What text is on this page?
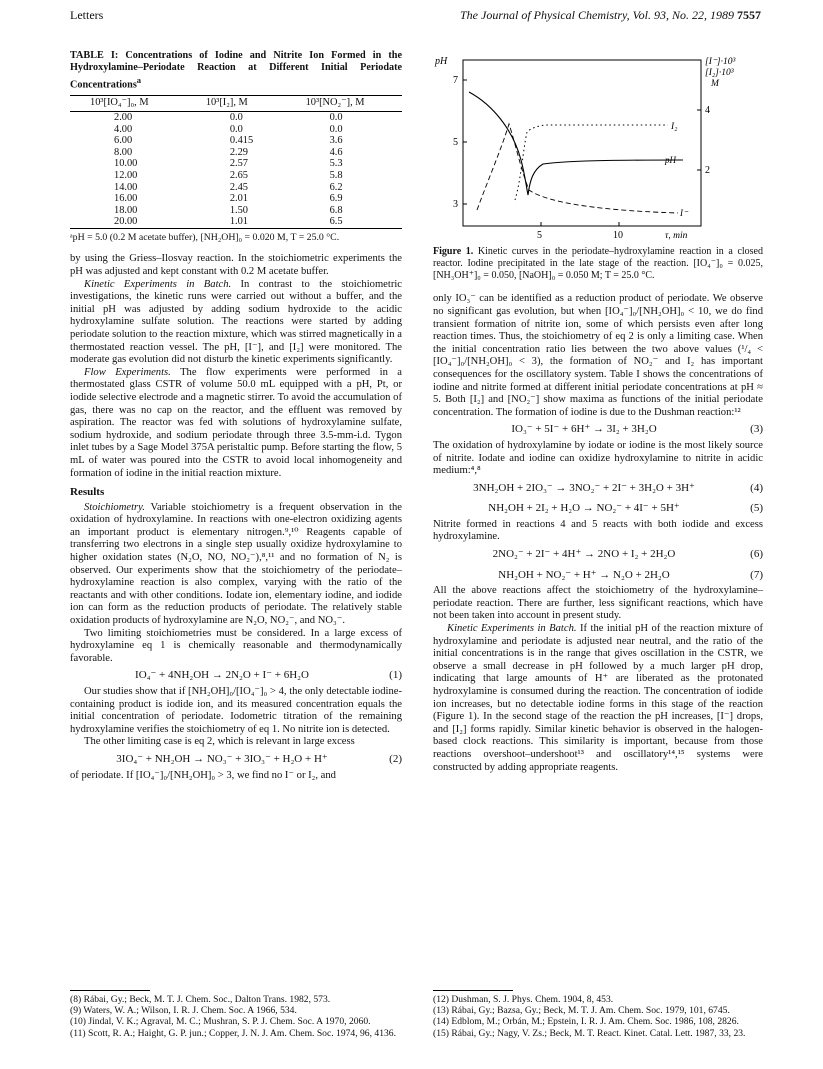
Letters	The Journal of Physical Chemistry, Vol. 93, No. 22, 1989 7557

TABLE I: Concentrations of Iodine and Nitrite Ion Formed in the Hydroxylamine–Periodate Reaction at Different Initial Periodate Concentrations$^a$

10³[IO₄⁻]₀, M	10³[I₂], M	10³[NO₂⁻], M
2.00	0.0	0.0
4.00	0.0	0.0
6.00	0.415	3.6
8.00	2.29	4.6
10.00	2.57	5.3
12.00	2.65	5.8
14.00	2.45	6.2
16.00	2.01	6.9
18.00	1.50	6.8
20.00	1.01	6.5

ᵃpH = 5.0 (0.2 M acetate buffer), [NH₂OH]₀ = 0.020 M, T = 25.0 °C.

by using the Griess–Ilosvay reaction. In the stoichiometric experiments the pH was adjusted and kept constant with 0.2 M acetate buffer.

Kinetic Experiments in Batch. In contrast to the stoichiometric investigations, the kinetic runs were carried out without a buffer, and the initial pH was adjusted by adding sodium hydroxide to the acidic hydroxylamine sulfate solution. The reactions were started by adding periodate solution to the reaction mixture, which was stirred magnetically in a thermostated reaction vessel. The pH, [I⁻], and [I₂] were monitored. The moderate gas evolution did not disturb the kinetic experiments significantly.

Flow Experiments. The flow experiments were performed in a thermostated glass CSTR of volume 50.0 mL equipped with a pH, Pt, or iodide selective electrode and a magnetic stirrer. To avoid the accumulation of gas, there was no cap on the reactor, and the effluent was removed by aspiration. The reactor was fed with solutions of hydroxylamine sulfate, sodium hydroxide, and sodium periodate through three 3.5-mm-i.d. Tygon inlet tubes by a Sage Model 375A peristaltic pump. Before starting the flow, 5 mL of water was poured into the CSTR to avoid local inhomogeneity and formation of iodine in the initial reaction mixture.

Results

Stoichiometry. Variable stoichiometry is a frequent observation in the oxidation of hydroxylamine. In reactions with one-electron oxidizing agents an important product is elementary nitrogen.⁹,¹⁰ Reagents capable of transferring two electrons in a single step usually oxidize hydroxylamine to higher oxidation states (N₂O, NO, NO₂⁻),⁸,¹¹ and no formation of N₂ is observed. Our experiments show that the stoichiometry of the periodate–hydroxylamine reaction is also complex, varying with the ratio of the reactants and with other conditions. Iodate ion, elementary iodine, and iodide ion can form as the reduction products of periodate. The relatively stable oxidation products of hydroxylamine are N₂O, NO₂⁻, and NO₃⁻.

Two limiting stoichiometries must be considered. In a large excess of hydroxylamine eq 1 is chemically reasonable and thermodynamically favorable.

IO₄⁻ + 4NH₂OH → 2N₂O + I⁻ + 6H₂O	(1)

Our studies show that if [NH₂OH]₀/[IO₄⁻]₀ > 4, the only detectable iodine-containing product is iodide ion, and its measured concentration equals the initial concentration of periodate. Iodometric titration of the remaining hydroxylamine verifies the stoichiometry of eq 1. No nitrite ion is detected.

The other limiting case is eq 2, which is relevant in large excess

3IO₄⁻ + NH₂OH → NO₃⁻ + 3IO₃⁻ + H₂O + H⁺	(2)

of periodate. If [IO₄⁻]₀/[NH₂OH]₀ > 3, we find no I⁻ or I₂, and

pH
7
5
3
[I⁻]·10³
[I₂]·10³
M
4
2
5	10	τ, min
I₂
pH
I⁻

Figure 1. Kinetic curves in the periodate–hydroxylamine reaction in a closed reactor. Iodine precipitated in the late stage of the reaction. [IO₄⁻]₀ = 0.025, [NH₃OH⁺]₀ = 0.050, [NaOH]₀ = 0.050 M; T = 25.0 °C.

only IO₃⁻ can be identified as a reduction product of periodate. We observe no significant gas evolution, but when [IO₄⁻]₀/[NH₂OH]₀ < 10, we do find transient formation of nitrite ion, some of which persists even after long reaction times. Thus, the stoichiometry of eq 2 is only a limiting case. When the initial concentration ratio lies between the two above values (¹/₄ < [IO₄⁻]₀/[NH₂OH]₀ < 3), the formation of NO₂⁻ and I₂ has important consequences for the oscillatory system. Table I shows the concentrations of iodine and nitrite formed at different initial periodate concentrations at pH ≈ 5. Both [I₂] and [NO₂⁻] show maxima as functions of the initial periodate concentration. The formation of iodine is due to the Dushman reaction:¹²

IO₃⁻ + 5I⁻ + 6H⁺ → 3I₂ + 3H₂O	(3)

The oxidation of hydroxylamine by iodate or iodine is the most likely source of nitrite. Iodate and iodine can oxidize hydroxylamine to nitrite in acidic medium:⁴,⁸

3NH₂OH + 2IO₃⁻ → 3NO₂⁻ + 2I⁻ + 3H₂O + 3H⁺	(4)
NH₂OH + 2I₂ + H₂O → NO₂⁻ + 4I⁻ + 5H⁺	(5)

Nitrite formed in reactions 4 and 5 reacts with both iodide and excess hydroxylamine.

2NO₂⁻ + 2I⁻ + 4H⁺ → 2NO + I₂ + 2H₂O	(6)
NH₂OH + NO₂⁻ + H⁺ → N₂O + 2H₂O	(7)

All the above reactions affect the stoichiometry of the hydroxylamine–periodate reaction. There are further, less significant reactions, which have not been taken into account in present study.

Kinetic Experiments in Batch. If the initial pH of the reaction mixture of hydroxylamine and periodate is adjusted near neutral, and the ratio of the initial concentrations is in the range that gives oscillation in the CSTR, we observe a small decrease in pH followed by a much larger pH drop, indicating that large amounts of H⁺ are liberated as the protonated hydroxylamine is consumed during the reaction. The concentration of iodide ion increases, but no detectable iodine forms in this stage of the reaction (Figure 1). In the second stage of the reaction the pH increases, [I⁻] drops, and [I₂] forms rapidly. Similar kinetic behavior is observed in the halogen-based clock reactions. This similarity is important, because from those reactions overshoot–undershoot¹³ and oscillatory¹⁴,¹⁵ systems were constructed by adding appropriate reagents.

(8) Rábai, Gy.; Beck, M. T. J. Chem. Soc., Dalton Trans. 1982, 573.

(9) Waters, W. A.; Wilson, I. R. J. Chem. Soc. A 1966, 534.

(10) Jindal, V. K.; Agraval, M. C.; Mushran, S. P. J. Chem. Soc. A 1970, 2060.

(11) Scott, R. A.; Haight, G. P. jun.; Copper, J. N. J. Am. Chem. Soc. 1974, 96, 4136.

(12) Dushman, S. J. Phys. Chem. 1904, 8, 453.

(13) Rábai, Gy.; Bazsa, Gy.; Beck, M. T. J. Am. Chem. Soc. 1979, 101, 6745.

(14) Edblom, M.; Orbán, M.; Epstein, I. R. J. Am. Chem. Soc. 1986, 108, 2826.

(15) Rábai, Gy.; Nagy, V. Zs.; Beck, M. T. React. Kinet. Catal. Lett. 1987, 33, 23.
